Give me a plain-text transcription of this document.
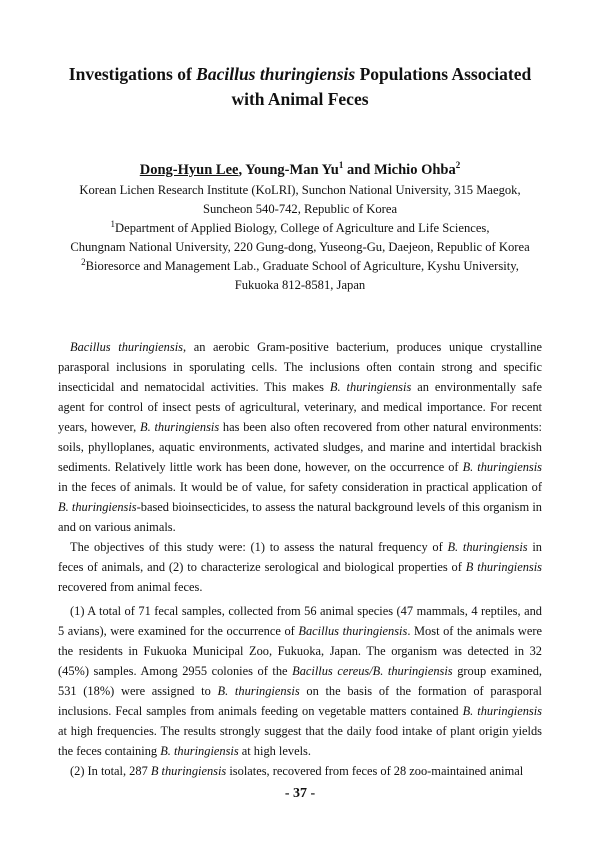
Investigations of Bacillus thuringiensis Populations Associated
with Animal Feces
Dong-Hyun Lee, Young-Man Yu$^1$ and Michio Ohba$^2$
Korean Lichen Research Institute (KoLRI), Sunchon National University, 315 Maegok,
Suncheon 540-742, Republic of Korea
$^1$Department of Applied Biology, College of Agriculture and Life Sciences,
Chungnam National University, 220 Gung-dong, Yuseong-Gu, Daejeon, Republic of Korea
$^2$Bioresorce and Management Lab., Graduate School of Agriculture, Kyshu University,
Fukuoka 812-8581, Japan

Bacillus thuringiensis, an aerobic Gram-positive bacterium, produces unique crystalline parasporal inclusions in sporulating cells. The inclusions often contain strong and specific insecticidal and nematocidal activities. This makes B. thuringiensis an environmentally safe agent for control of insect pests of agricultural, veterinary, and medical importance. For recent years, however, B. thuringiensis has been also often recovered from other natural environments: soils, phylloplanes, aquatic environments, activated sludges, and marine and intertidal brackish sediments. Relatively little work has been done, however, on the occurrence of B. thuringiensis in the feces of animals. It would be of value, for safety consideration in practical application of B. thuringiensis-based bioinsecticides, to assess the natural background levels of this organism in and on various animals.

The objectives of this study were: (1) to assess the natural frequency of B. thuringiensis in feces of animals, and (2) to characterize serological and biological properties of B thuringiensis recovered from animal feces.

(1) A total of 71 fecal samples, collected from 56 animal species (47 mammals, 4 reptiles, and 5 avians), were examined for the occurrence of Bacillus thuringiensis. Most of the animals were the residents in Fukuoka Municipal Zoo, Fukuoka, Japan. The organism was detected in 32 (45%) samples. Among 2955 colonies of the Bacillus cereus/B. thuringiensis group examined, 531 (18%) were assigned to B. thuringiensis on the basis of the formation of parasporal inclusions. Fecal samples from animals feeding on vegetable matters contained B. thuringiensis at high frequencies. The results strongly suggest that the daily food intake of plant origin yields the feces containing B. thuringiensis at high levels.

(2) In total, 287 B thuringiensis isolates, recovered from feces of 28 zoo-maintained animal

- 37 -
